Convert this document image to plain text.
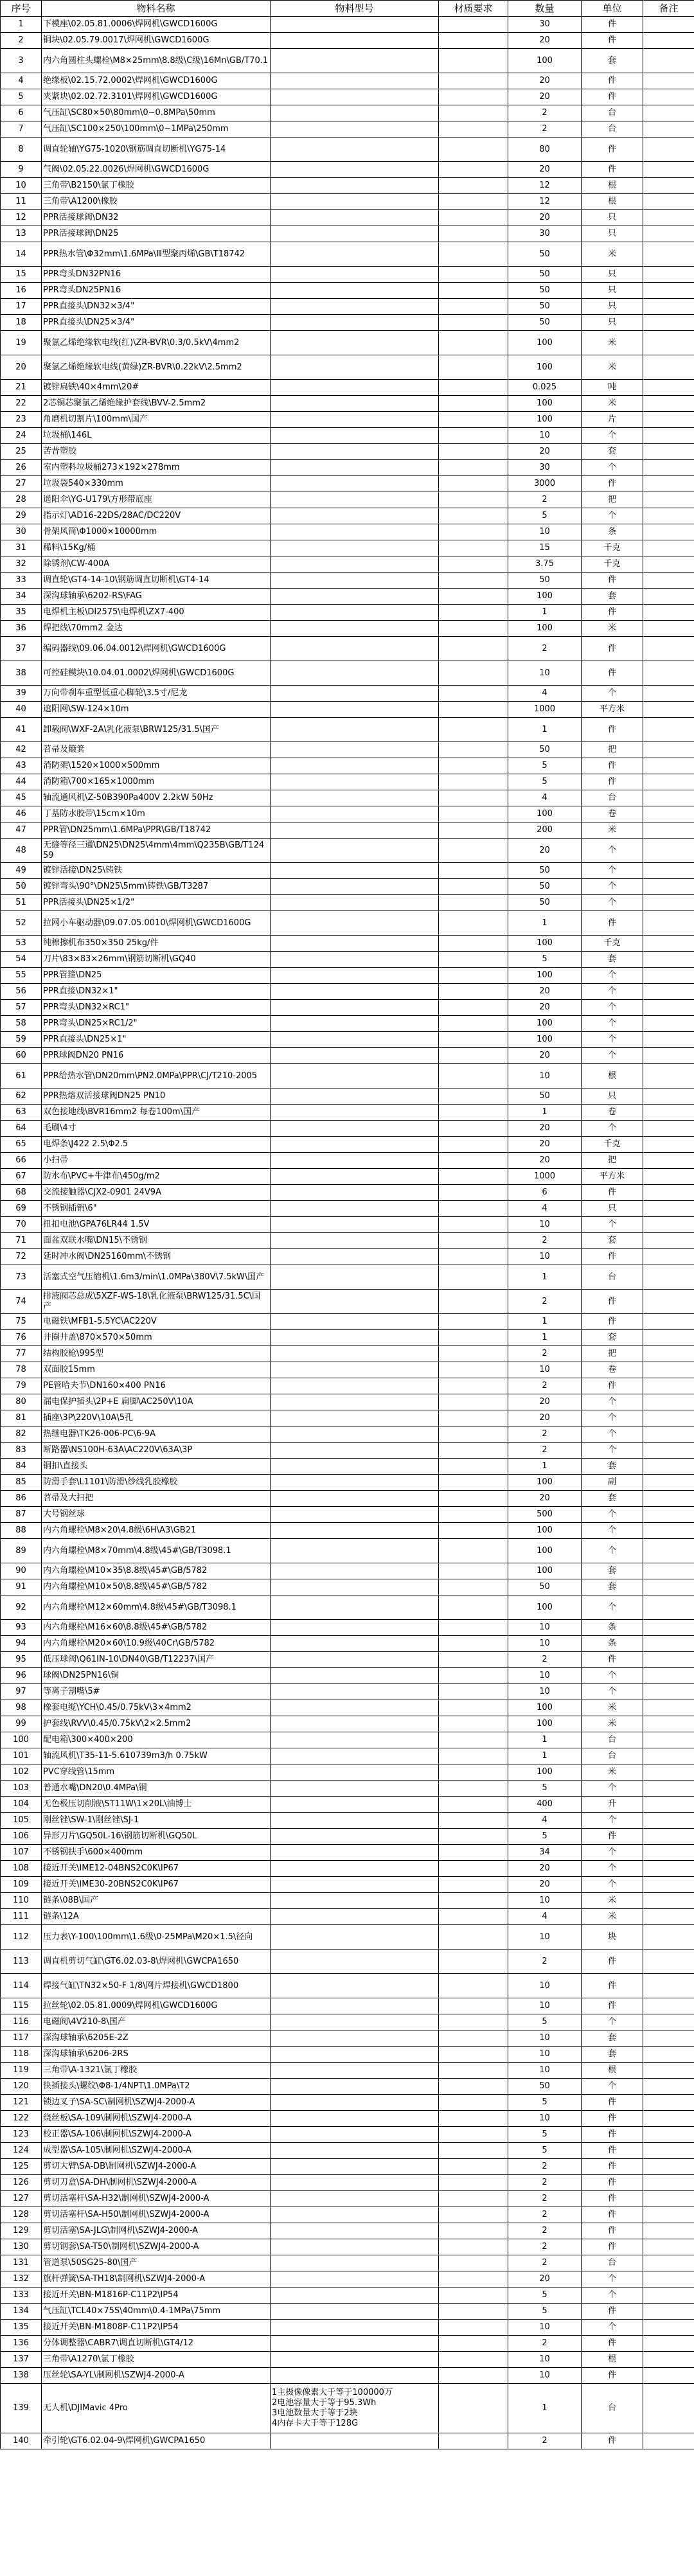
序号	物料名称	物料型号	材质要求	数量	单位	备注
1	下模座\02.05.81.0006\焊网机\GWCD1600G			30	件	
2	铜块\02.05.79.0017\焊网机\GWCD1600G			20	件	
3	内六角圆柱头螺栓\M8×25mm\8.8级\C级\16Mn\GB/T70.1			100	套	
4	绝缘板\02.15.72.0002\焊网机\GWCD1600G			20	件	
5	夹紧块\02.02.72.3101\焊网机\GWCD1600G			20	件	
6	气压缸\SC80×50\80mm\0~0.8MPa\50mm			2	台	
7	气压缸\SC100×250\100mm\0~1MPa\250mm			2	台	
8	调直轮轴\YG75-1020\钢筋调直切断机\YG75-14			80	件	
9	气阀\02.05.22.0026\焊网机\GWCD1600G			20	件	
10	三角带\B2150\氯丁橡胶			12	根	
11	三角带\A1200\橡胶			12	根	
12	PPR活接球阀\DN32			20	只	
13	PPR活接球阀\DN25			30	只	
14	PPR热水管\Φ32mm\1.6MPa\Ⅲ型聚丙烯\GB\T18742			50	米	
15	PPR弯头DN32PN16			50	只	
16	PPR弯头DN25PN16			50	只	
17	PPR直接头\DN32×3/4"			50	只	
18	PPR直接头\DN25×3/4"			50	只	
19	聚氯乙烯绝缘软电线(红)\ZR-BVR\0.3/0.5kV\4mm2			100	米	
20	聚氯乙烯绝缘软电线(黄绿)ZR-BVR\0.22kV\2.5mm2			100	米	
21	镀锌扁铁\40×4mm\20#			0.025	吨	
22	2芯铜芯聚氯乙烯绝缘护套线\BVV-2.5mm2			100	米	
23	角磨机切割片\100mm\国产			100	片	
24	垃圾桶\146L			10	个	
25	苦昔塑胶			20	套	
26	室内塑料垃圾桶273×192×278mm			30	个	
27	垃圾袋540×330mm			3000	件	
28	遥阳伞\YG-U179\方形带底座			2	把	
29	指示灯\AD16-22DS/28AC/DC220V			5	个	
30	骨架风筒\Φ1000×10000mm			10	条	
31	稀料\15Kg/桶			15	千克	
32	除锈剂\CW-400A			3.75	千克	
33	调直轮\GT4-14-10\钢筋调直切断机\GT4-14			50	件	
34	深沟球轴承\6202-RS\FAG			100	套	
35	电焊机主板\DI2575\电焊机\ZX7-400			1	件	
36	焊把线\70mm2 金达			100	米	
37	编码器线\09.06.04.0012\焊网机\GWCD1600G			2	件	
38	可控硅模块\10.04.01.0002\焊网机\GWCD1600G			10	件	
39	万向带刹车重型低重心脚轮\3.5寸/尼龙			4	个	
40	遮阳网\SW-124×10m			1000	平方米	
41	卸载阀\WXF-2A\乳化液泵\BRW125/31.5\国产			1	件	
42	苕帚及簸箕			50	把	
43	消防架\1520×1000×500mm			5	件	
44	消防箱\700×165×1000mm			5	件	
45	轴流通风机\Z-50B390Pa400V 2.2kW 50Hz			4	台	
46	丁基防水胶带\15cm×10m			100	卷	
47	PPR管\DN25mm\1.6MPa\PPR\GB/T18742			200	米	
48	无缝等径三通\DN25\DN25\4mm\4mm\Q235B\GB/T12459			20	个	
49	镀锌活接\DN25\铸铁			50	个	
50	镀锌弯头\90°\DN25\5mm\铸铁\GB/T3287			50	个	
51	PPR活接头\DN25×1/2"			50	个	
52	拉网小车驱动器\09.07.05.0010\焊网机\GWCD1600G			1	件	
53	纯棉擦机布350×350 25kg/件			100	千克	
54	刀片\83×83×26mm\钢筋切断机\GQ40			5	套	
55	PPR管箍\DN25			100	个	
56	PPR直接\DN32×1"			20	个	
57	PPR弯头\DN32×RC1"			20	个	
58	PPR弯头\DN25×RC1/2"			100	个	
59	PPR直接头\DN25×1"			100	个	
60	PPR球阀DN20 PN16			20	个	
61	PPR给热水管\DN20mm\PN2.0MPa\PPR\CJ/T210-2005			10	根	
62	PPR热熔双活接球阀DN25 PN10			50	只	
63	双色接地线\BVR16mm2 每卷100m\国产			1	卷	
64	毛刷\4寸			20	个	
65	电焊条\J422 2.5\Φ2.5			20	千克	
66	小扫帚			20	把	
67	防水布\PVC+牛津布\450g/m2			1000	平方米	
68	交流接触器\CJX2-0901 24V9A			6	件	
69	不锈钢插销\6"			4	只	
70	扭扣电池\GPA76LR44 1.5V			10	个	
71	面盆双联水嘴\DN15\不锈钢			2	套	
72	延时冲水阀\DN25160mm\不锈钢			10	件	
73	活塞式空气压缩机\1.6m3/min\1.0MPa\380V\7.5kW\国产			1	台	
74	排液阀芯总成\5XZF-WS-18\乳化液泵\BRW125/31.5C\国产			2	件	
75	电磁铁\MFB1-5.5YC\AC220V			1	件	
76	井圈井盖\870×570×50mm			1	套	
77	结构胶枪\995型			2	把	
78	双面胶15mm			10	卷	
79	PE管哈夫节\DN160×400 PN16			2	件	
80	漏电保护插头\2P+E 扁脚\AC250V\10A			20	个	
81	插座\3P\220V\10A\5孔			20	个	
82	热继电器\TK26-006-PC\6-9A			2	个	
83	断路器\NS100H-63A\AC220V\63A\3P			2	个	
84	铜扣\直接头			1	套	
85	防滑手套\L1101\防滑\纱线乳胶橡胶			100	副	
86	苕帚及大扫把			20	套	
87	大号钢丝球			500	个	
88	内六角螺栓\M8×20\4.8级\6H\A3\GB21			100	个	
89	内六角螺栓\M8×70mm\4.8级\45#\GB/T3098.1			100	个	
90	内六角螺栓\M10×35\8.8级\45#\GB/5782			100	套	
91	内六角螺栓\M10×50\8.8级\45#\GB/5782			50	套	
92	内六角螺栓\M12×60mm\4.8级\45#\GB/T3098.1			100	个	
93	内六角螺栓\M16×60\8.8级\45#\GB/5782			10	条	
94	内六角螺栓\M20×60\10.9级\40Cr\GB/5782			10	条	
95	低压球阀\Q61IN-10\DN40\GB/T12237\国产			2	件	
96	球阀\DN25PN16\铜			10	个	
97	等离子割嘴\5#			10	个	
98	橡套电缆\YCH\0.45/0.75kV\3×4mm2			100	米	
99	护套线\RVV\0.45/0.75kV\2×2.5mm2			100	米	
100	配电箱\300×400×200			1	台	
101	轴流风机\T35-11-5.610739m3/h 0.75kW			1	台	
102	PVC穿线管\15mm			100	米	
103	普通水嘴\DN20\0.4MPa\铜			5	个	
104	无色极压切削液\ST11W\1×20L\油博士			400	升	
105	刚丝锉\SW-1\刚丝锉\SJ-1			4	个	
106	异形刀片\GQ50L-16\钢筋切断机\GQ50L			5	件	
107	不锈钢扶手\600×400mm			34	个	
108	接近开关\IME12-04BNS2C0K\IP67			20	个	
109	接近开关\IME30-20BNS2C0K\IP67			20	个	
110	链条\08B\国产			10	米	
111	链条\12A			4	米	
112	压力表\Y-100\100mm\1.6级\0-25MPa\M20×1.5\径向			10	块	
113	调直机剪切气缸\GT6.02.03-8\焊网机\GWCPA1650			2	件	
114	焊接气缸\TN32×50-F 1/8\网片焊接机\GWCD1800			10	件	
115	拉丝轮\02.05.81.0009\焊网机\GWCD1600G			10	件	
116	电磁阀\4V210-8\国产			5	个	
117	深沟球轴承\6205E-2Z			10	套	
118	深沟球轴承\6206-2RS			10	套	
119	三角带\A-1321\氯丁橡胶			10	根	
120	快插接头\螺纹\Φ8-1/4NPT\1.0MPa\T2			50	个	
121	锁边叉子\SA-SC\制网机\SZWJ4-2000-A			5	件	
122	绕丝板\SA-109\制网机\SZWJ4-2000-A			10	件	
123	校正器\SA-106\制网机\SZWJ4-2000-A			5	件	
124	成型器\SA-105\制网机\SZWJ4-2000-A			5	件	
125	剪切大臂\SA-DB\制网机\SZWJ4-2000-A			2	件	
126	剪切刀盒\SA-DH\制网机\SZWJ4-2000-A			2	件	
127	剪切活塞杆\SA-H32\制网机\SZWJ4-2000-A			2	件	
128	剪切活塞杆\SA-H50\制网机\SZWJ4-2000-A			2	件	
129	剪切活塞\SA-JLG\制网机\SZWJ4-2000-A			2	件	
130	剪切钢套\SA-T50\制网机\SZWJ4-2000-A			2	件	
131	管道泵\50SG25-80\国产			2	台	
132	旗杆弹簧\SA-TH18\制网机\SZWJ4-2000-A			20	个	
133	接近开关\BN-M1816P-C11P2\IP54			5	个	
134	气压缸\TCL40×75S\40mm\0.4-1MPa\75mm			5	件	
135	接近开关\BN-M1808P-C11P2\IP54			10	个	
136	分体调整器\CABR7\调直切断机\GT4/12			2	件	
137	三角带\A1270\氯丁橡胶			10	根	
138	压丝轮\SA-YL\制网机\SZWJ4-2000-A			10	件	
139	无人机\DJIMavic 4Pro	1主摄像像素大于等于100000万
2电池容量大于等于95.3Wh
3电池数量大于等于2块
4内存卡大于等于128G		1	台	
140	牵引轮\GT6.02.04-9\焊网机\GWCPA1650			2	件	
